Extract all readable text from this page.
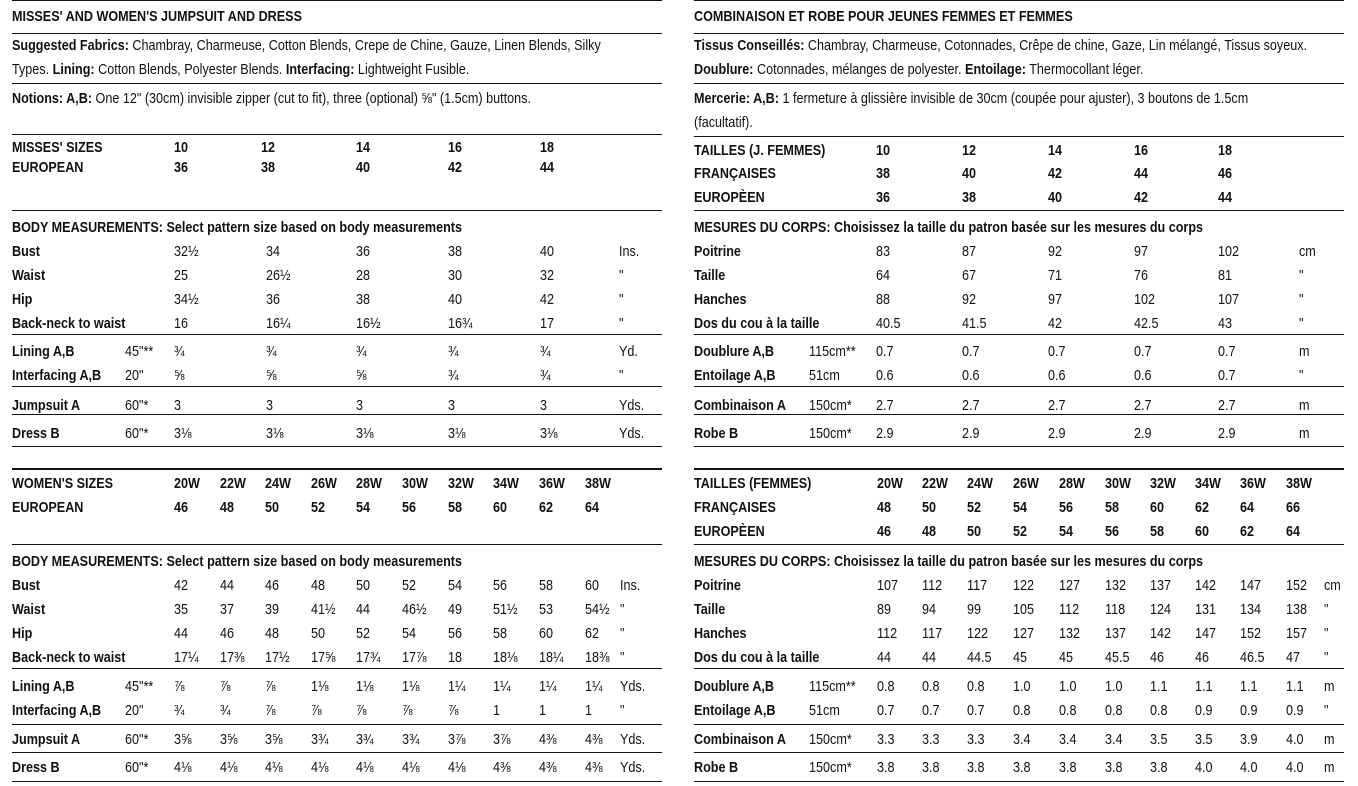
MISSES' AND WOMEN'S JUMPSUIT AND DRESS
Suggested Fabrics: Chambray, Charmeuse, Cotton Blends, Crepe de Chine, Gauze, Linen Blends, Silky
Types. Lining: Cotton Blends, Polyester Blends. Interfacing: Lightweight Fusible.
Notions: A,B: One 12" (30cm) invisible zipper (cut to fit), three (optional) ⅝" (1.5cm) buttons.
MISSES' SIZES	10	12	14	16	18
EUROPEAN	36	38	40	42	44
BODY MEASUREMENTS: Select pattern size based on body measurements
Bust	32½	34	36	38	40	Ins.
Waist	25	26½	28	30	32	"
Hip	34½	36	38	40	42	"
Back-neck to waist	16	16¼	16½	16¾	17	"
Lining A,B	45"** ¾	¾	¾	¾	¾	Yd.
Interfacing A,B 20" ⅝	⅝	⅝	¾	¾	"
Jumpsuit A	60"* 3	3	3	3	3	Yds.
Dress B	60"* 3⅛	3⅛	3⅛	3⅛	3⅛	Yds.
WOMEN'S SIZES	20W 22W 24W 26W 28W 30W 32W 34W 36W 38W
EUROPEAN	46 48 50 52 54 56 58 60 62 64
BODY MEASUREMENTS: Select pattern size based on body measurements
Bust	42 44 46 48 50 52 54 56 58 60 Ins.
Waist	35 37 39 41½ 44 46½ 49 51½ 53 54½ "
Hip	44 46 48 50 52 54 56 58 60 62 "
Back-neck to waist	17¼ 17⅜ 17½ 17⅝ 17¾ 17⅞ 18 18⅛ 18¼ 18⅜ "
Lining A,B	45"** ⅞ ⅞ ⅞ 1⅛ 1⅛ 1⅛ 1¼ 1¼ 1¼ 1¼ Yds.
Interfacing A,B 20" ¾ ¾ ⅞ ⅞ ⅞ ⅞ ⅞ 1	1	1 "
Jumpsuit A	60"* 3⅝ 3⅝ 3⅝ 3¾ 3¾ 3¾ 3⅞ 3⅞ 4⅜ 4⅜ Yds.
Dress B	60"* 4⅛ 4⅛ 4⅛ 4⅛ 4⅛ 4⅛ 4⅛ 4⅜ 4⅜ 4⅜ Yds.
COMBINAISON ET ROBE POUR JEUNES FEMMES ET FEMMES
Tissus Conseillés: Chambray, Charmeuse, Cotonnades, Crêpe de chine, Gaze, Lin mélangé, Tissus soyeux.
Doublure: Cotonnades, mélanges de polyester. Entoilage: Thermocollant léger.
Mercerie: A,B: 1 fermeture à glissière invisible de 30cm (coupée pour ajuster), 3 boutons de 1.5cm
(facultatif).
TAILLES (J. FEMMES)	10	12	14	16	18
FRANÇAISES	38	40	42	44	46
EUROPÈEN	36	38	40	42	44
MESURES DU CORPS: Choisissez la taille du patron basée sur les mesures du corps
Poitrine	83	87	92	97	102	cm
Taille	64	67	71	76	81	"
Hanches	88	92	97	102	107	"
Dos du cou à la taille	40.5	41.5	42	42.5	43	"
Doublure A,B 115cm** 0.7	0.7	0.7	0.7	0.7	m
Entoilage A,B 51cm 0.6	0.6	0.6	0.6	0.7	"
Combinaison A 150cm* 2.7	2.7	2.7	2.7	2.7	m
Robe B	150cm* 2.9	2.9	2.9	2.9	2.9	m
TAILLES (FEMMES)	20W 22W 24W 26W 28W 30W 32W 34W 36W 38W
FRANÇAISES	48 50 52 54 56 58 60 62 64 66
EUROPÈEN	46 48 50 52 54 56 58 60 62 64
MESURES DU CORPS: Choisissez la taille du patron basée sur les mesures du corps
Poitrine	107 112 117 122 127 132 137 142 147 152 cm
Taille	89 94 99 105 112 118 124 131 134 138 "
Hanches	112 117 122 127 132 137 142 147 152 157 "
Dos du cou à la taille	44 44 44.5 45 45 45.5 46 46 46.5 47 "
Doublure A,B 115cm** 0.8 0.8 0.8 1.0 1.0 1.0 1.1 1.1 1.1 1.1 m
Entoilage A,B 51cm 0.7 0.7 0.7 0.8 0.8 0.8 0.8 0.9 0.9 0.9 "
Combinaison A 150cm* 3.3 3.3 3.3 3.4 3.4 3.4 3.5 3.5 3.9 4.0 m
Robe B	150cm* 3.8 3.8 3.8 3.8 3.8 3.8 3.8 4.0 4.0 4.0 m
